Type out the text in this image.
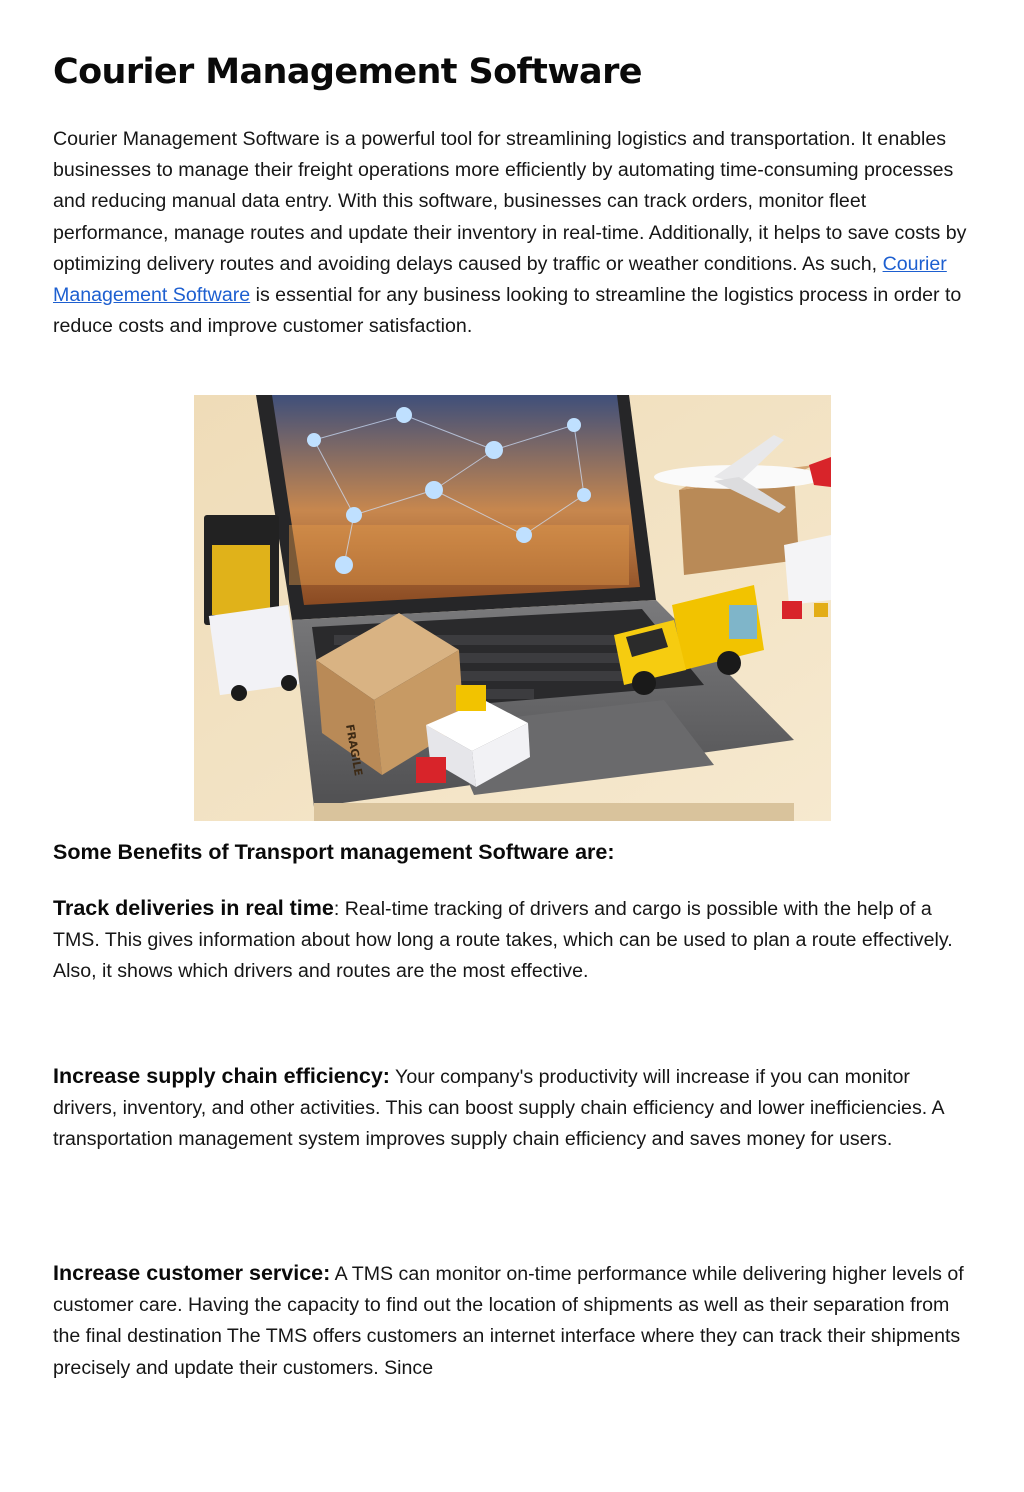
Courier Management Software

Courier Management Software is a powerful tool for streamlining logistics and transportation. It enables businesses to manage their freight operations more efficiently by automating time-consuming processes and reducing manual data entry. With this software, businesses can track orders, monitor fleet performance, manage routes and update their inventory in real-time. Additionally, it helps to save costs by optimizing delivery routes and avoiding delays caused by traffic or weather conditions. As such, Courier Management Software is essential for any business looking to streamline the logistics process in order to reduce costs and improve customer satisfaction.

FRAGILE
Some Benefits of Transport management Software are:

Track deliveries in real time: Real-time tracking of drivers and cargo is possible with the help of a TMS. This gives information about how long a route takes, which can be used to plan a route effectively. Also, it shows which drivers and routes are the most effective.

Increase supply chain efficiency: Your company's productivity will increase if you can monitor drivers, inventory, and other activities. This can boost supply chain efficiency and lower inefficiencies. A transportation management system improves supply chain efficiency and saves money for users.

Increase customer service: A TMS can monitor on-time performance while delivering higher levels of customer care. Having the capacity to find out the location of shipments as well as their separation from the final destination The TMS offers customers an internet interface where they can track their shipments precisely and update their customers. Since
